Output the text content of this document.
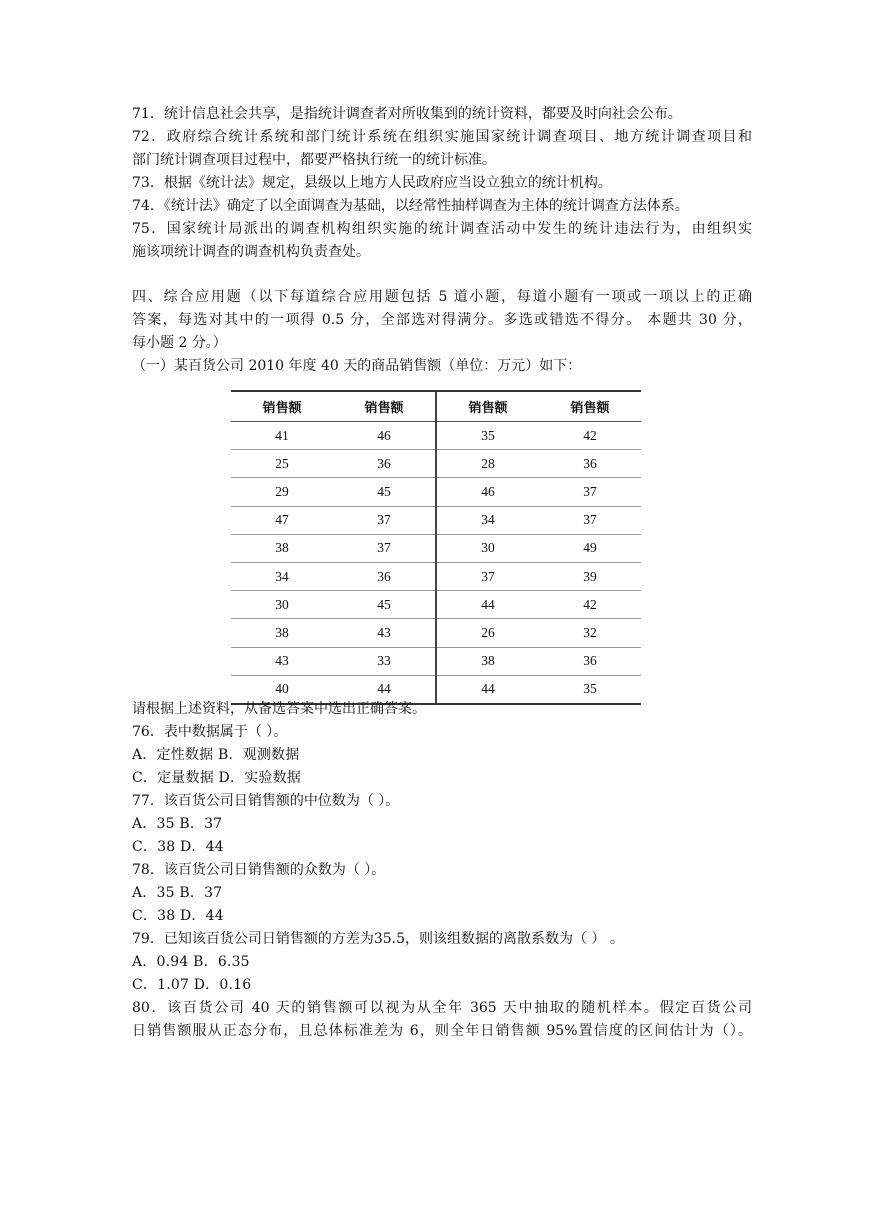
71．统计信息社会共享，是指统计调查者对所收集到的统计资料，都要及时向社会公布。
72．政府综合统计系统和部门统计系统在组织实施国家统计调查项目、地方统计调查项目和
部门统计调查项目过程中，都要严格执行统一的统计标准。
73．根据《统计法》规定，县级以上地方人民政府应当设立独立的统计机构。
74．《统计法》确定了以全面调查为基础，以经常性抽样调查为主体的统计调查方法体系。
75．国家统计局派出的调查机构组织实施的统计调查活动中发生的统计违法行为，由组织实
施该项统计调查的调查机构负责查处。
四、综合应用题（以下每道综合应用题包括 5 道小题，每道小题有一项或一项以上的正确
答案，每选对其中的一项得 0.5 分，全部选对得满分。多选或错选不得分。 本题共 30 分，
每小题 2 分。）
（一）某百货公司 2010 年度 40 天的商品销售额（单位：万元）如下：
销售额	销售额	销售额	销售额
41	46	35	42
25	36	28	36
29	45	46	37
47	37	34	37
38	37	30	49
34	36	37	39
30	45	44	42
38	43	26	32
43	33	38	36
40	44	44	35
请根据上述资料，从备选答案中选出正确答案。
76．表中数据属于（ ）。
A．定性数据 B．观测数据
C．定量数据 D．实验数据
77．该百货公司日销售额的中位数为（ ）。
A．35 B．37
C．38 D．44
78．该百货公司日销售额的众数为（ ）。
A．35 B．37
C．38 D．44
79．已知该百货公司日销售额的方差为35.5，则该组数据的离散系数为（ ） 。
A．0.94 B．6.35
C．1.07 D．0.16
80．该百货公司 40 天的销售额可以视为从全年 365 天中抽取的随机样本。假定百货公司
日销售额服从正态分布，且总体标准差为 6，则全年日销售额 95%置信度的区间估计为（）。
